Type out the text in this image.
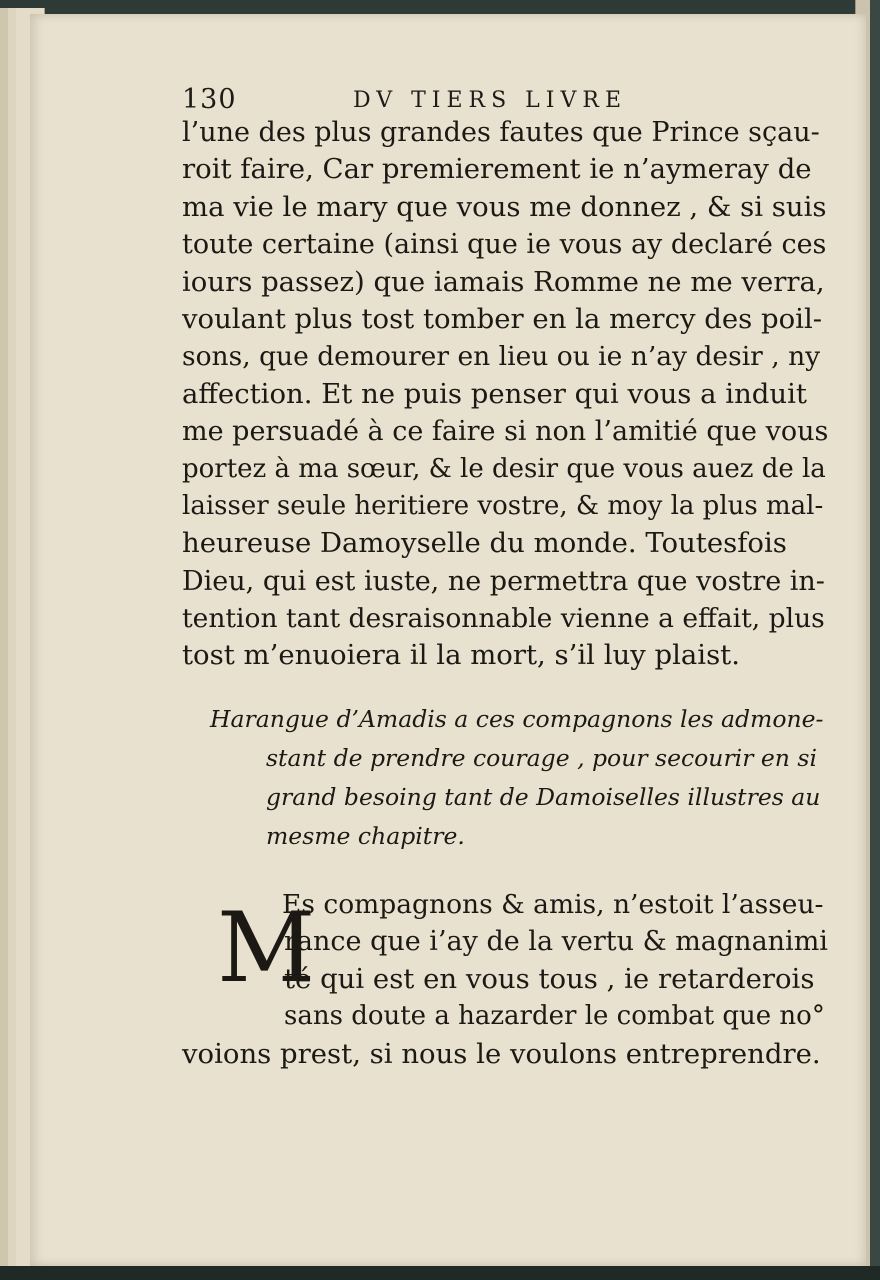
130	DV TIERS LIVRE
l’une des plus grandes fautes que Prince sçau-
roit faire, Car premierement ie n’aymeray de
ma vie le mary que vous me donnez , & si suis
toute certaine (ainsi que ie vous ay declaré ces
iours passez) que iamais Romme ne me verra,
voulant plus tost tomber en la mercy des poil-
sons, que demourer en lieu ou ie n’ay desir , ny
affection. Et ne puis penser qui vous a induit
me persuadé à ce faire si non l’amitié que vous
portez à ma sœur, & le desir que vous auez de la
laisser seule heritiere vostre, & moy la plus mal-
heureuse Damoyselle du monde. Toutesfois
Dieu, qui est iuste, ne permettra que vostre in-
tention tant desraisonnable vienne a effait, plus
tost m’enuoiera il la mort, s’il luy plaist.
Harangue d’Amadis a ces compagnons les admone-
stant de prendre courage , pour secourir en si
grand besoing tant de Damoiselles illustres au
mesme chapitre.
M
Es compagnons & amis, n’estoit l’asseu-
rance que i’ay de la vertu & magnanimi
té qui est en vous tous , ie retarderois
sans doute a hazarder le combat que no°
voions prest, si nous le voulons entreprendre.
